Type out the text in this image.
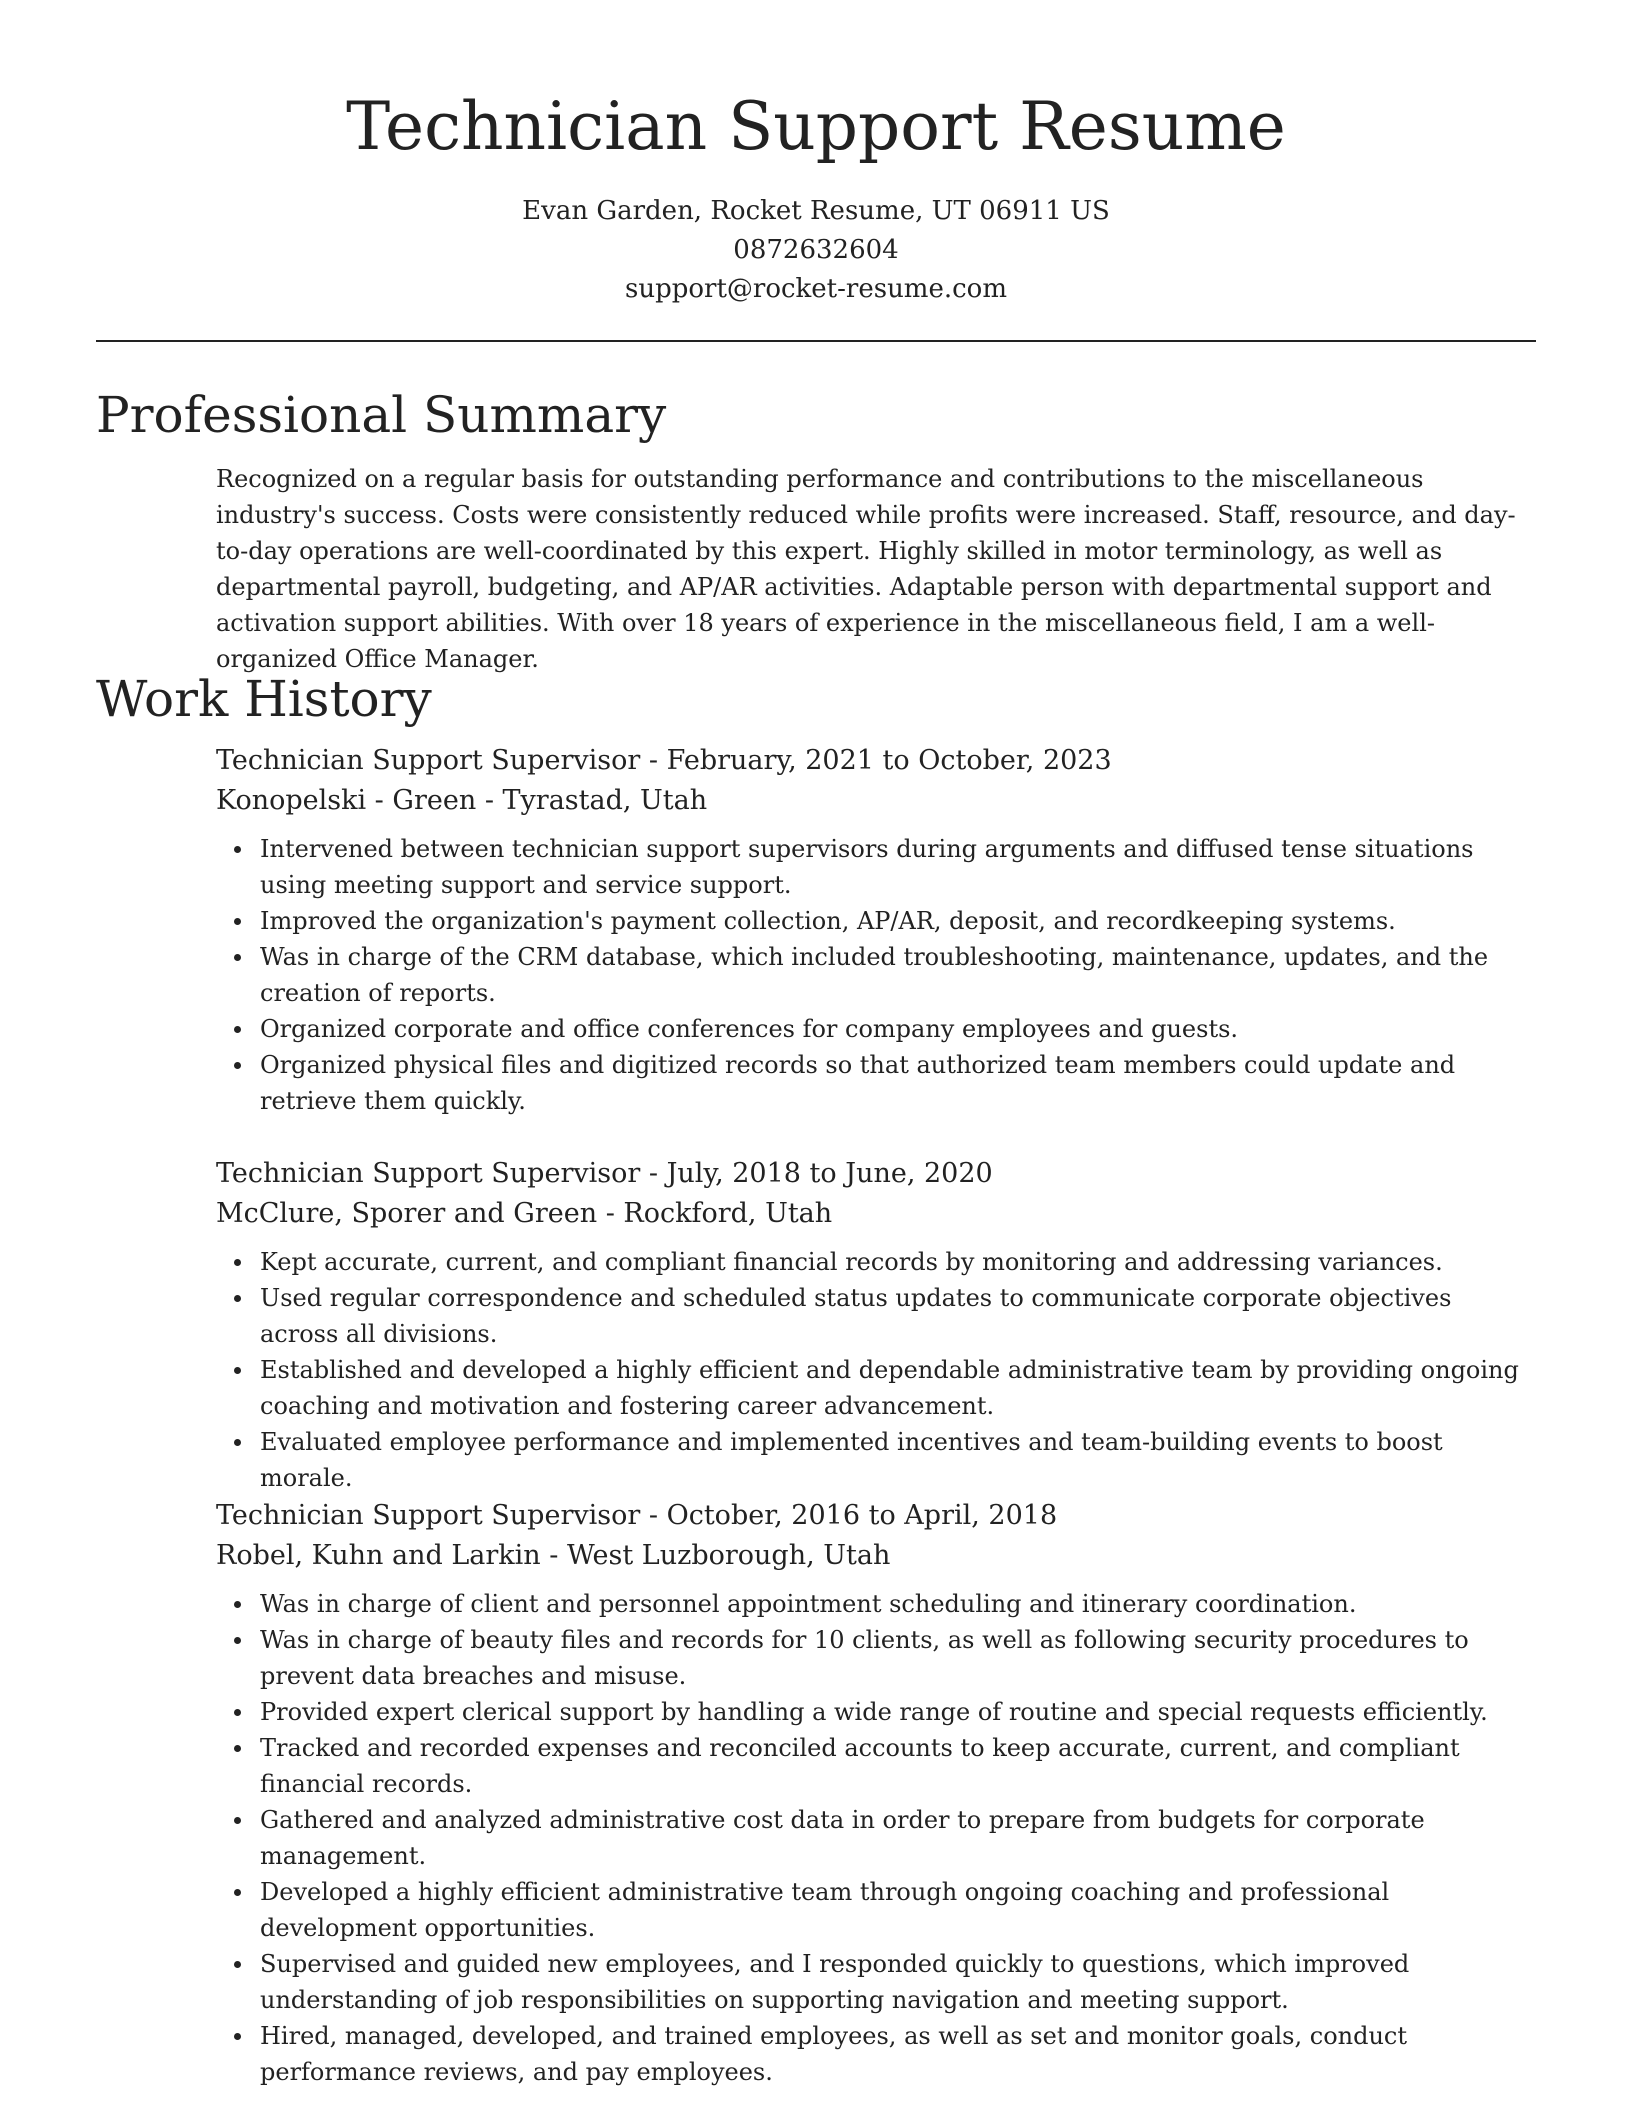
Technician Support Resume
Evan Garden, Rocket Resume, UT 06911 US
0872632604
support@rocket-resume.com
Professional Summary

Recognized on a regular basis for outstanding performance and contributions to the miscellaneous industry's success. Costs were consistently reduced while profits were increased. Staff, resource, and day-to-day operations are well-coordinated by this expert. Highly skilled in motor terminology, as well as departmental payroll, budgeting, and AP/AR activities. Adaptable person with departmental support and activation support abilities. With over 18 years of experience in the miscellaneous field, I am a well-organized Office Manager.

Work History
Technician Support Supervisor - February, 2021 to October, 2023
Konopelski - Green - Tyrastad, Utah
Intervened between technician support supervisors during arguments and diffused tense situations using meeting support and service support.
Improved the organization's payment collection, AP/AR, deposit, and recordkeeping systems.
Was in charge of the CRM database, which included troubleshooting, maintenance, updates, and the creation of reports.
Organized corporate and office conferences for company employees and guests.
Organized physical files and digitized records so that authorized team members could update and retrieve them quickly.
Technician Support Supervisor - July, 2018 to June, 2020
McClure, Sporer and Green - Rockford, Utah
Kept accurate, current, and compliant financial records by monitoring and addressing variances.
Used regular correspondence and scheduled status updates to communicate corporate objectives across all divisions.
Established and developed a highly efficient and dependable administrative team by providing ongoing coaching and motivation and fostering career advancement.
Evaluated employee performance and implemented incentives and team-building events to boost morale.
Technician Support Supervisor - October, 2016 to April, 2018
Robel, Kuhn and Larkin - West Luzborough, Utah
Was in charge of client and personnel appointment scheduling and itinerary coordination.
Was in charge of beauty files and records for 10 clients, as well as following security procedures to prevent data breaches and misuse.
Provided expert clerical support by handling a wide range of routine and special requests efficiently.
Tracked and recorded expenses and reconciled accounts to keep accurate, current, and compliant financial records.
Gathered and analyzed administrative cost data in order to prepare from budgets for corporate management.
Developed a highly efficient administrative team through ongoing coaching and professional development opportunities.
Supervised and guided new employees, and I responded quickly to questions, which improved understanding of job responsibilities on supporting navigation and meeting support.
Hired, managed, developed, and trained employees, as well as set and monitor goals, conduct performance reviews, and pay employees.
